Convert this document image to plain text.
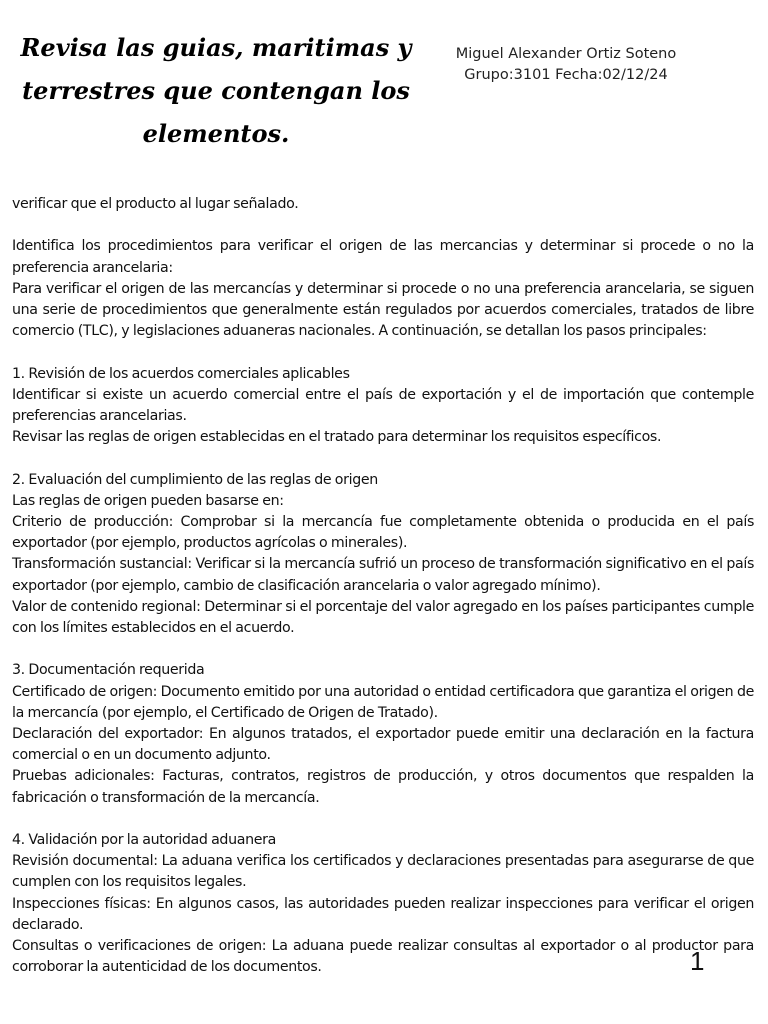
Revisa las guias, maritimas y terrestres que contengan los elementos.
Miguel Alexander Ortiz Soteno
Grupo:3101 Fecha:02/12/24

verificar que el producto al lugar señalado.

Identifica los procedimientos para verificar el origen de las mercancias y determinar si procede o no la preferencia arancelaria:

Para verificar el origen de las mercancías y determinar si procede o no una preferencia arancelaria, se siguen una serie de procedimientos que generalmente están regulados por acuerdos comerciales, tratados de libre comercio (TLC), y legislaciones aduaneras nacionales. A continuación, se detallan los pasos principales:

1. Revisión de los acuerdos comerciales aplicables

Identificar si existe un acuerdo comercial entre el país de exportación y el de importación que contemple preferencias arancelarias.

Revisar las reglas de origen establecidas en el tratado para determinar los requisitos específicos.

2. Evaluación del cumplimiento de las reglas de origen

Las reglas de origen pueden basarse en:

Criterio de producción: Comprobar si la mercancía fue completamente obtenida o producida en el país exportador (por ejemplo, productos agrícolas o minerales).

Transformación sustancial: Verificar si la mercancía sufrió un proceso de transformación significativo en el país exportador (por ejemplo, cambio de clasificación arancelaria o valor agregado mínimo).

Valor de contenido regional: Determinar si el porcentaje del valor agregado en los países participantes cumple con los límites establecidos en el acuerdo.

3. Documentación requerida

Certificado de origen: Documento emitido por una autoridad o entidad certificadora que garantiza el origen de la mercancía (por ejemplo, el Certificado de Origen de Tratado).

Declaración del exportador: En algunos tratados, el exportador puede emitir una declaración en la factura comercial o en un documento adjunto.

Pruebas adicionales: Facturas, contratos, registros de producción, y otros documentos que respalden la fabricación o transformación de la mercancía.

4. Validación por la autoridad aduanera

Revisión documental: La aduana verifica los certificados y declaraciones presentadas para asegurarse de que cumplen con los requisitos legales.

Inspecciones físicas: En algunos casos, las autoridades pueden realizar inspecciones para verificar el origen declarado.

Consultas o verificaciones de origen: La aduana puede realizar consultas al exportador o al productor para corroborar la autenticidad de los documentos.	1
